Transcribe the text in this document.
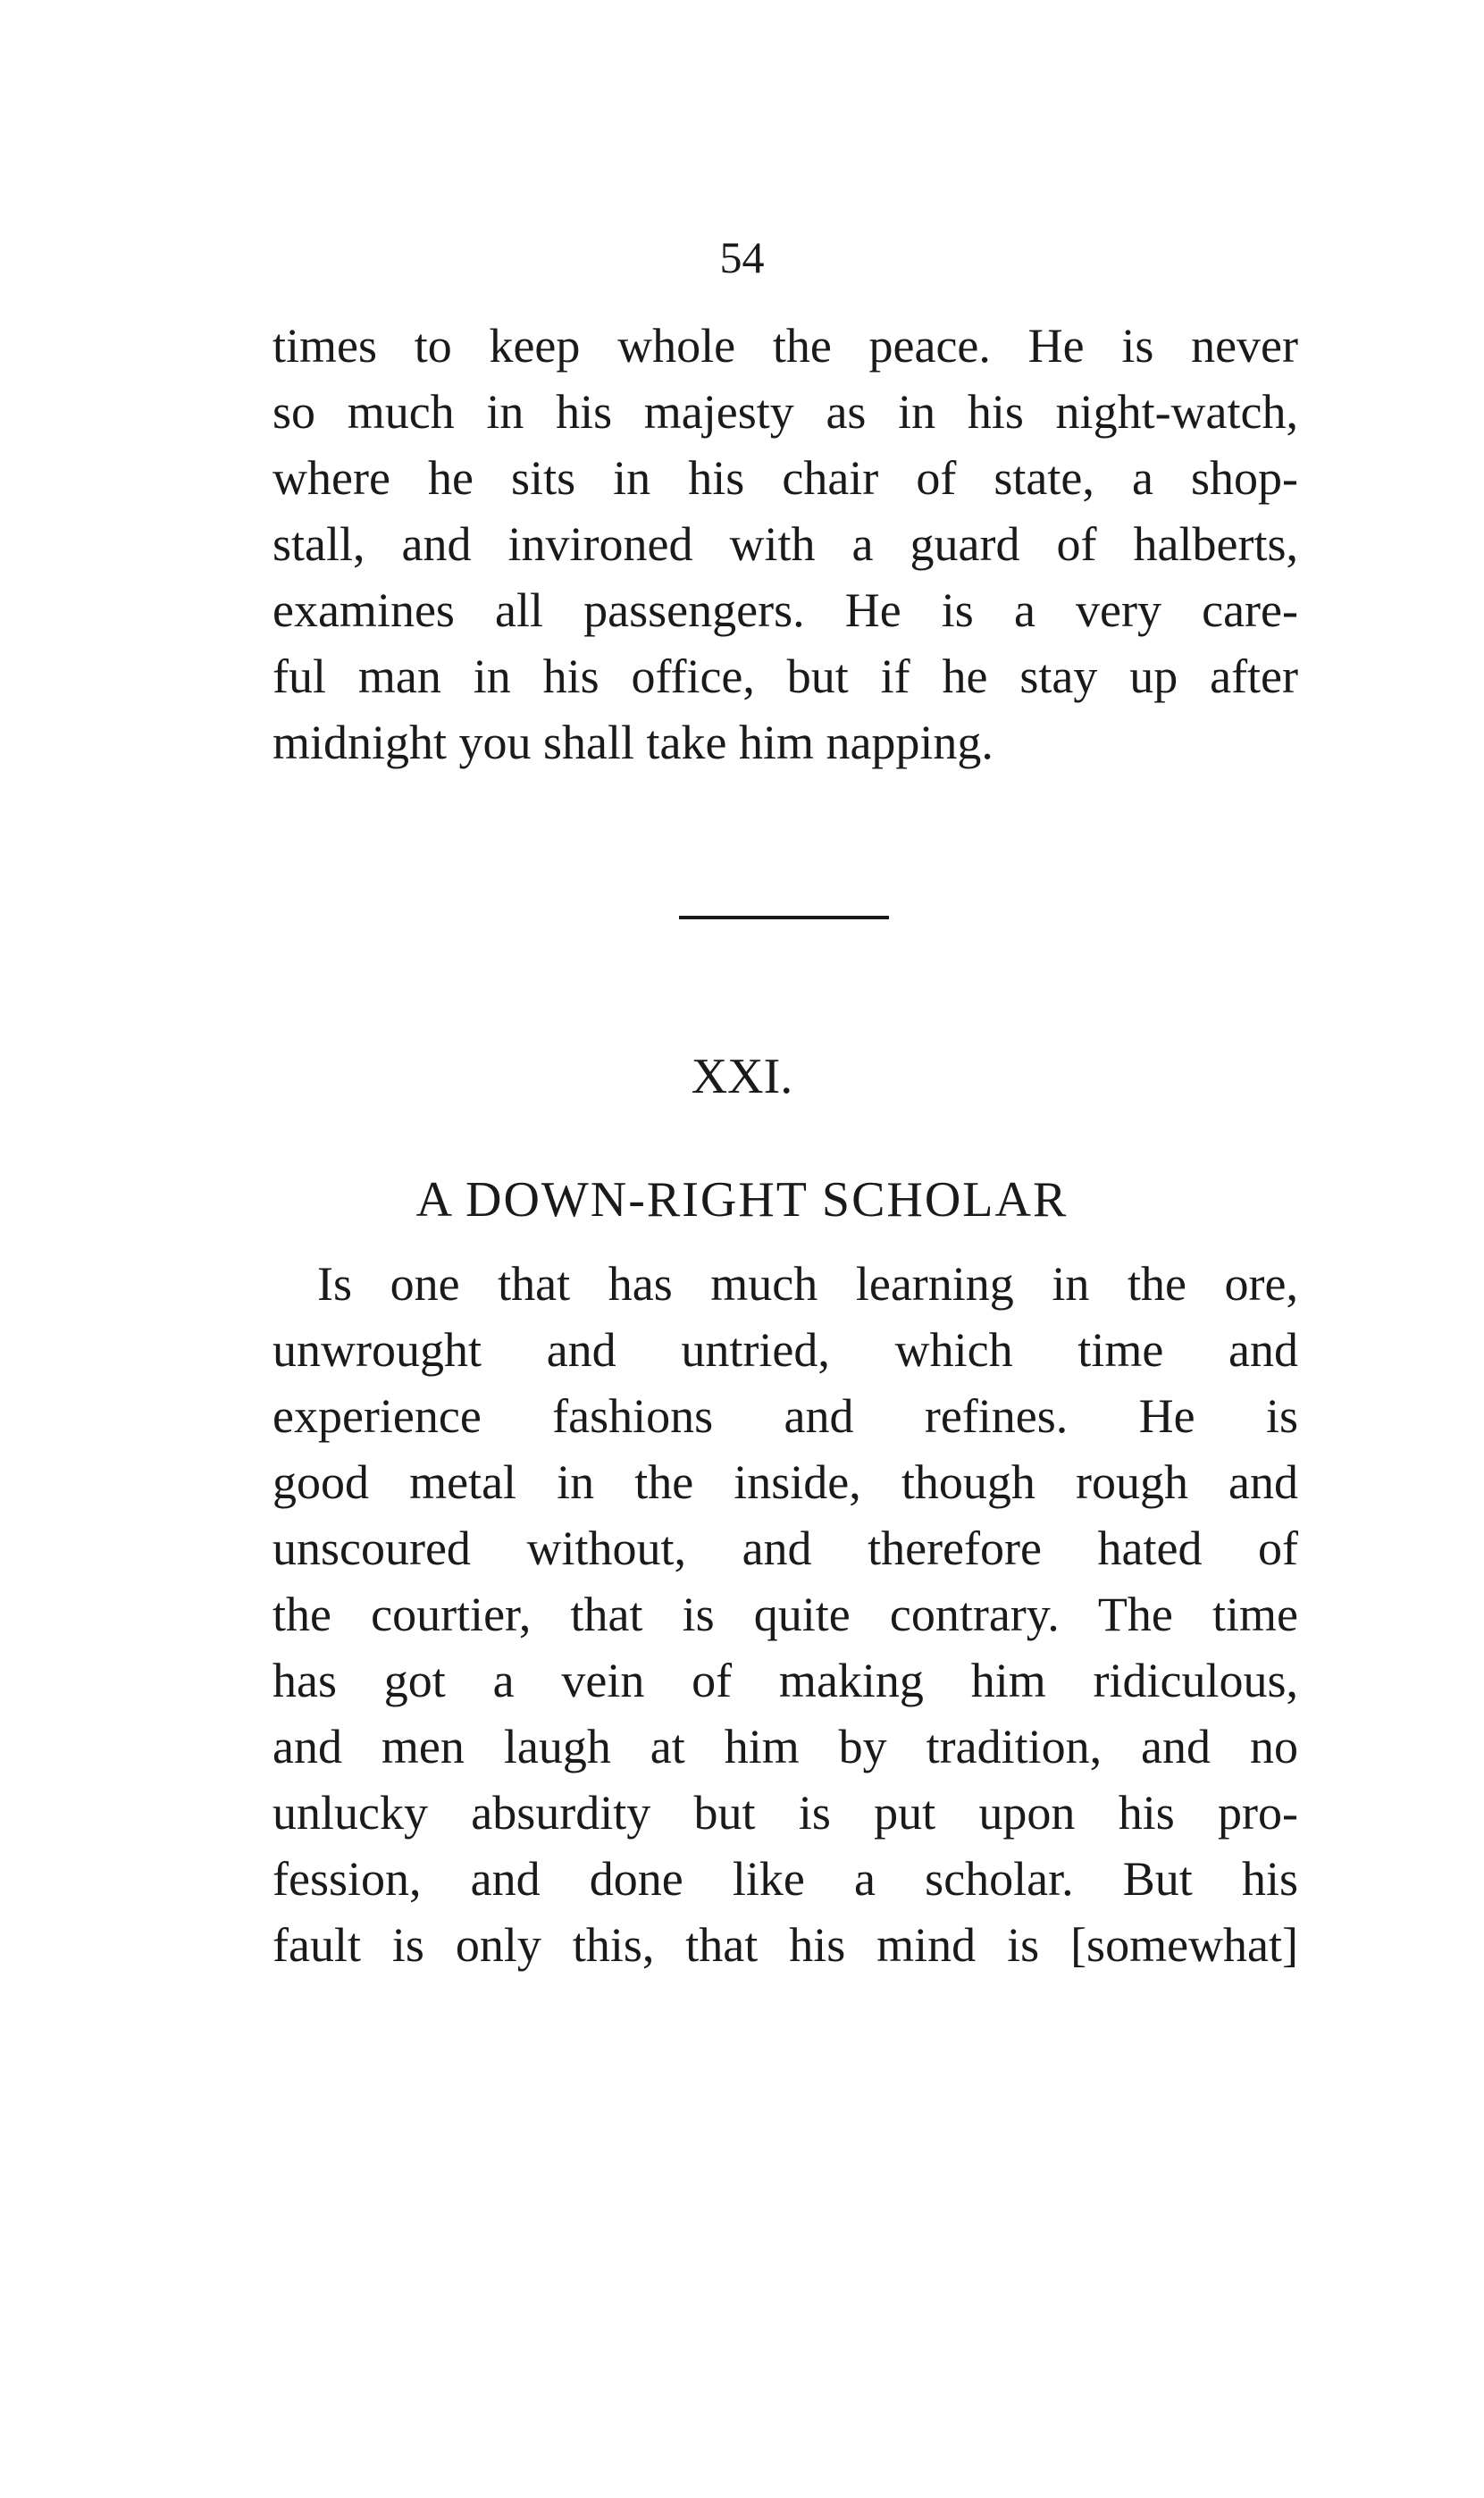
54
times to keep whole the peace. He is never
so much in his majesty as in his night-watch,
where he sits in his chair of state, a shop-
stall, and invironed with a guard of halberts,
examines all passengers. He is a very care-
ful man in his office, but if he stay up after
midnight you shall take him napping.
XXI.
A DOWN-RIGHT SCHOLAR
Is one that has much learning in the ore,
unwrought and untried, which time and
experience fashions and refines. He is
good metal in the inside, though rough and
unscoured without, and therefore hated of
the courtier, that is quite contrary. The time
has got a vein of making him ridiculous,
and men laugh at him by tradition, and no
unlucky absurdity but is put upon his pro-
fession, and done like a scholar. But his
fault is only this, that his mind is [somewhat]
